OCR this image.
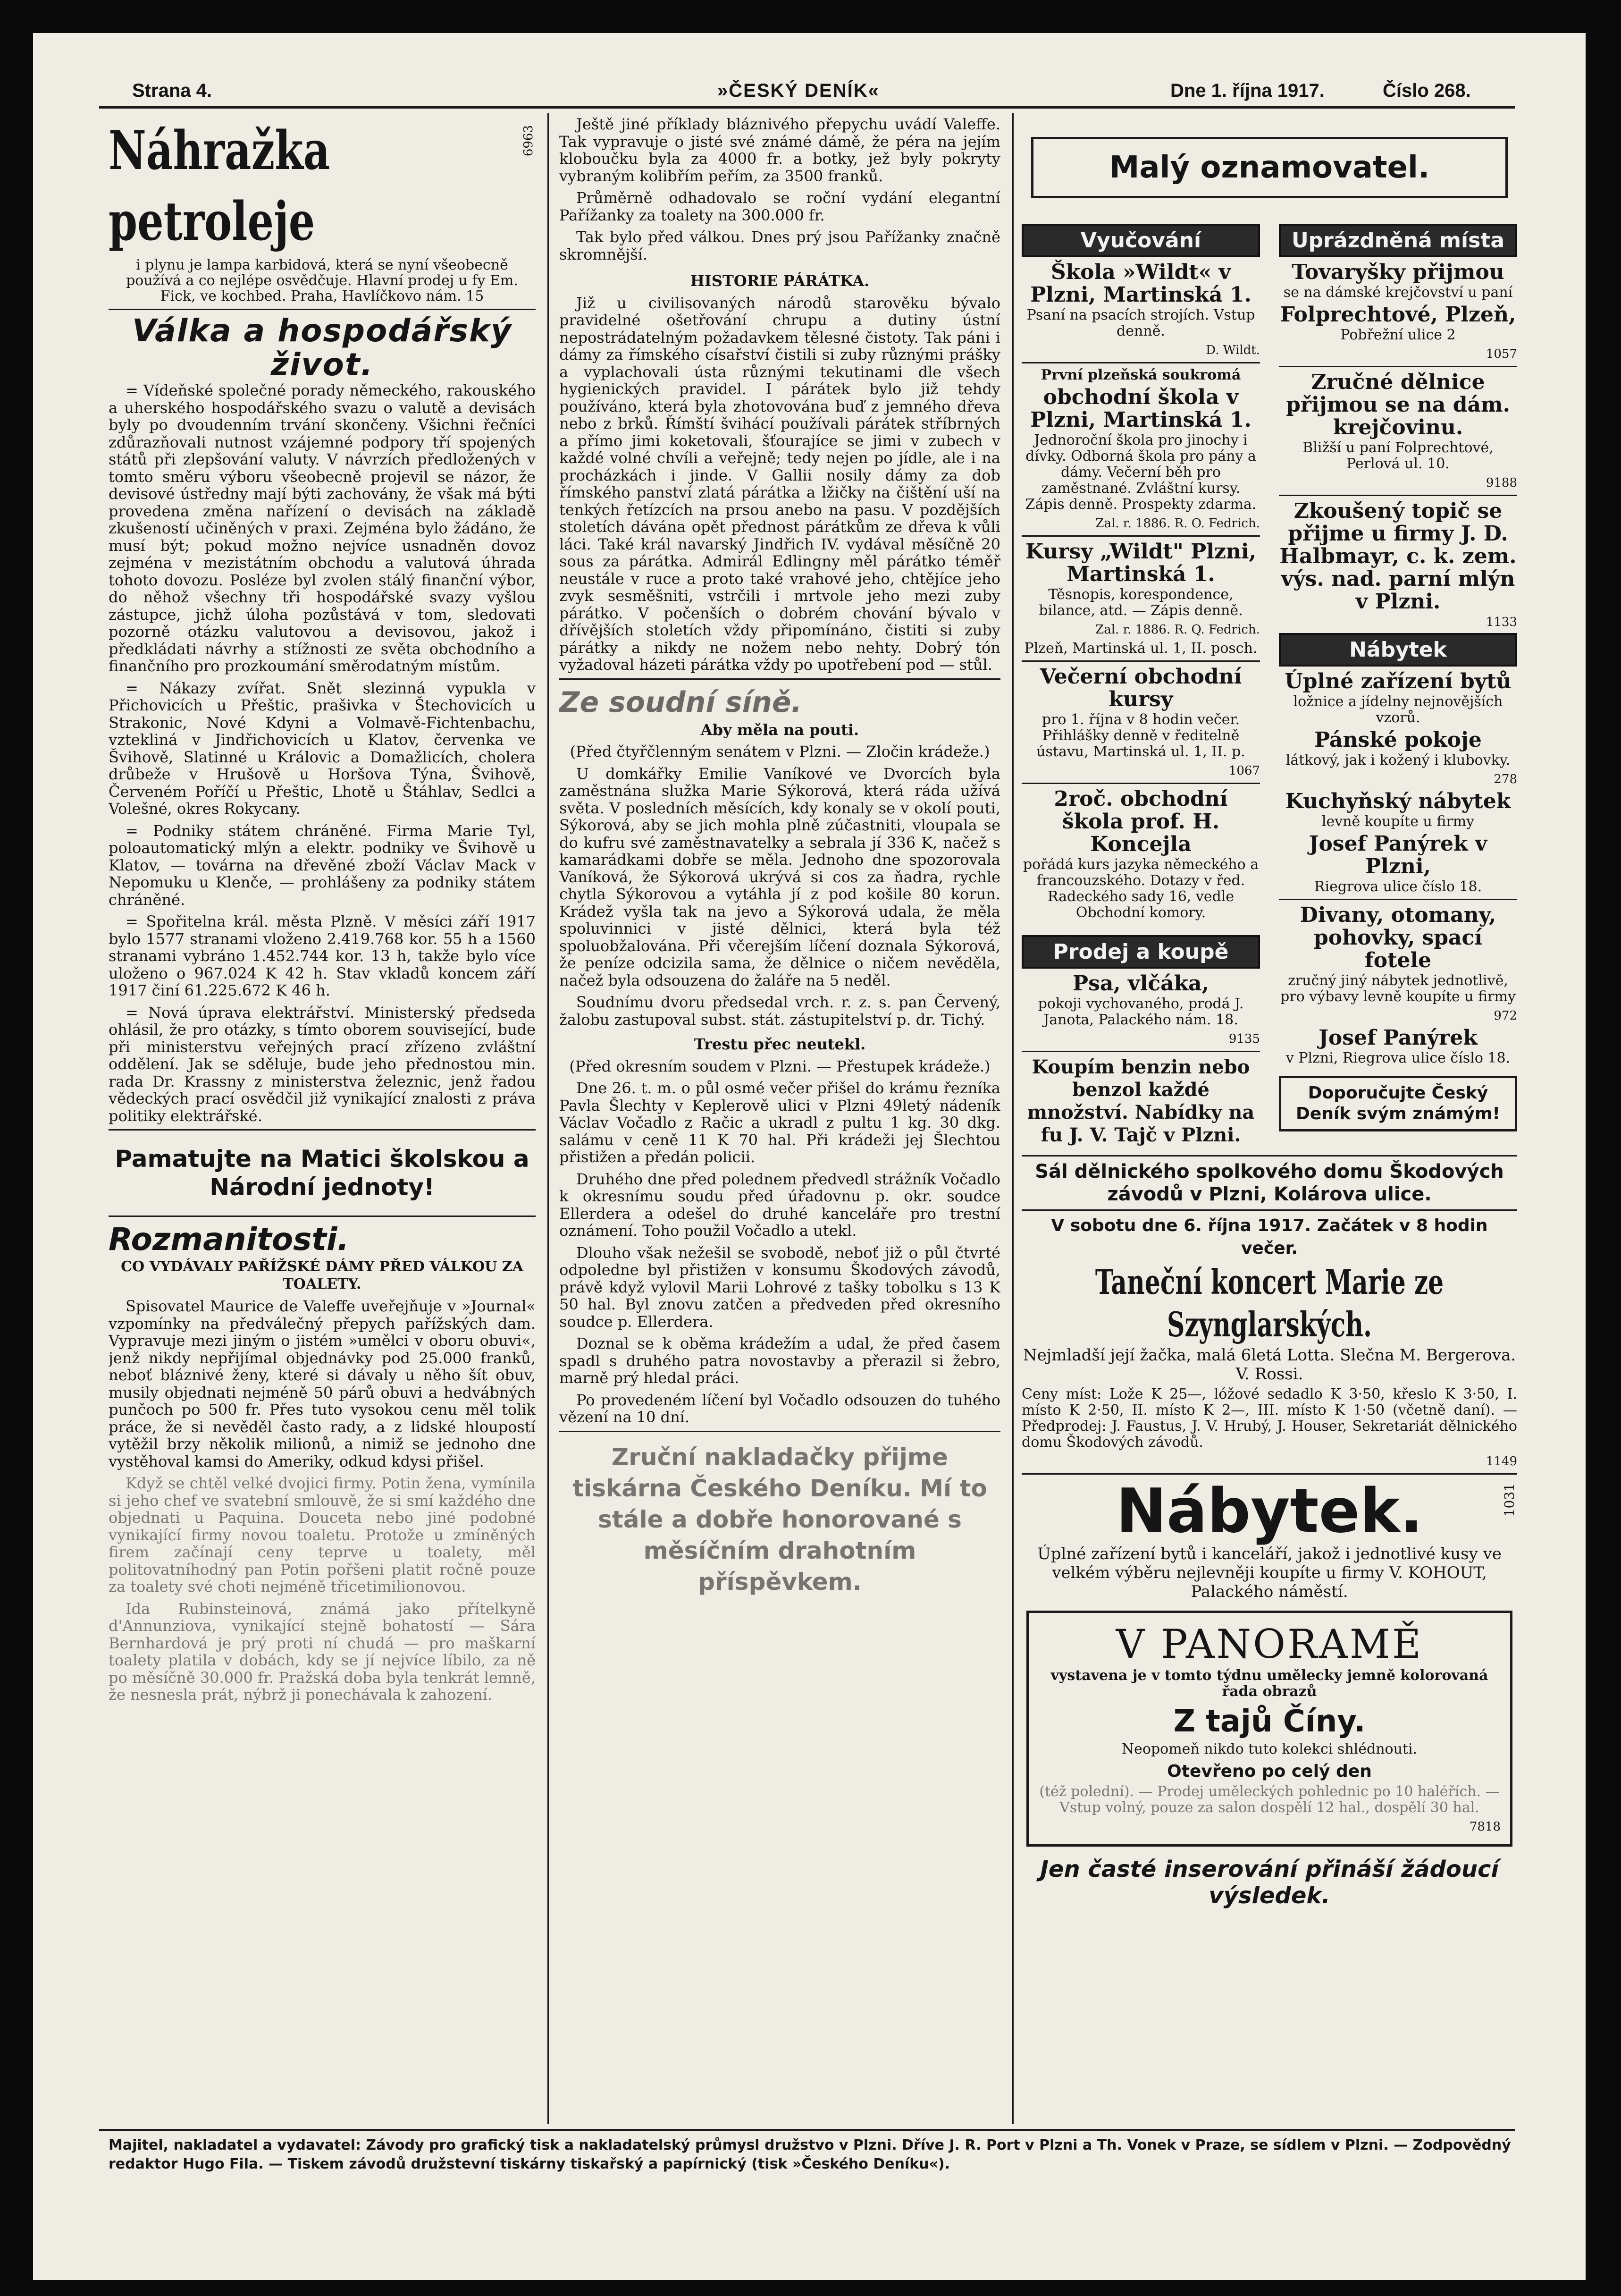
Strana 4.	»ČESKÝ DENÍK«	Dne 1. října 1917.	Číslo 268.
Náhražka petroleje
6963

i plynu je lampa karbidová, která se nyní všeobecně používá a co nejlépe osvědčuje. Hlavní prodej u fy Em. Fick, ve kochbed. Praha, Havlíčkovo nám. 15

Válka a hospodářský život.

= Vídeňské společné porady německého, rakouského a uherského hospodářského svazu o valutě a devisách byly po dvoudenním trvání skončeny. Všichni řečníci zdůrazňovali nutnost vzájemné podpory tří spojených států při zlepšování valuty. V návrzích předložených v tomto směru výboru všeobecně projevil se názor, že devisové ústředny mají býti zachovány, že však má býti provedena změna nařízení o devisách na základě zkušeností učiněných v praxi. Zejména bylo žádáno, že musí být; pokud možno nejvíce usnadněn dovoz zejména v mezistátním obchodu a valutová úhrada tohoto dovozu. Posléze byl zvolen stálý finanční výbor, do něhož všechny tři hospodářské svazy vyšlou zástupce, jichž úloha pozůstává v tom, sledovati pozorně otázku valutovou a devisovou, jakož i předkládati návrhy a stížnosti ze světa obchodního a finančního pro prozkoumání směrodatným místům.

= Nákazy zvířat. Snět slezinná vypukla v Přichovicích u Přeštic, prašivka v Štechovicích u Strakonic, Nové Kdyni a Volmavě-Fichtenbachu, vztekliná v Jindřichovicích u Klatov, červenka ve Švihově, Slatinné u Královic a Domažlicích, cholera drůbeže v Hrušově u Horšova Týna, Švihově, Červeném Poříčí u Přeštic, Lhotě u Štáhlav, Sedlci a Volešné, okres Rokycany.

= Podniky státem chráněné. Firma Marie Tyl, poloautomatický mlýn a elektr. podniky ve Švihově u Klatov, — továrna na dřevěné zboží Václav Mack v Nepomuku u Klenče, — prohlášeny za podniky státem chráněné.

= Spořitelna král. města Plzně. V měsíci září 1917 bylo 1577 stranami vloženo 2.419.768 kor. 55 h a 1560 stranami vybráno 1.452.744 kor. 13 h, takže bylo více uloženo o 967.024 K 42 h. Stav vkladů koncem září 1917 činí 61.225.672 K 46 h.

= Nová úprava elektrářství. Ministerský předseda ohlásil, že pro otázky, s tímto oborem související, bude při ministerstvu veřejných prací zřízeno zvláštní oddělení. Jak se sděluje, bude jeho přednostou min. rada Dr. Krassny z ministerstva železnic, jenž řadou vědeckých prací osvědčil již vynikající znalosti z práva politiky elektrářské.

Pamatujte na Matici školskou a Národní jednoty!
Rozmanitosti.

CO VYDÁVALY PAŘÍŽSKÉ DÁMY PŘED VÁLKOU ZA TOALETY.

Spisovatel Maurice de Valeffe uveřejňuje v »Journal« vzpomínky na předválečný přepych pařížských dam. Vypravuje mezi jiným o jistém »umělci v oboru obuvi«, jenž nikdy nepřijímal objednávky pod 25.000 franků, neboť bláznivé ženy, které si dávaly u něho šít obuv, musily objednati nejméně 50 párů obuvi a hedvábných punčoch po 500 fr. Přes tuto vysokou cenu měl tolik práce, že si nevěděl často rady, a z lidské hloupostí vytěžil brzy několik milionů, a nimiž se jednoho dne vystěhoval kamsi do Ameriky, odkud kdysi přišel.

Když se chtěl velké dvojici firmy. Potin žena, vymínila si jeho chef ve svatební smlouvě, že si smí každého dne objednati u Paquina. Doucetа nebo jiné podobné vynikající firmy novou toaletu. Protože u zmíněných firem začínají ceny teprve u toalety, měl politovatníhodný pan Potin pořšeni platit ročně pouze za toalety své choti nejméně třicetimilionovou.

Ida Rubinsteinová, známá jako přítelkyně d'Annunziova, vynikající stejně bohatostí — Sára Bernhardová je prý proti ní chudá — pro maškarní toalety platila v dobách, kdy se jí nejvíce líbilo, za ně po měsíčně 30.000 fr. Pražská doba byla tenkrát lemně, že nesnesla prát, nýbrž ji ponechávala k zahození.

Ještě jiné příklady bláznivého přepychu uvádí Valeffe. Tak vypravuje o jisté své známé dámě, že péra na jejím kloboučku byla za 4000 fr. a botky, jež byly pokryty vybraným kolibřím peřím, za 3500 franků.

Průměrně odhadovalo se roční vydání elegantní Pařížanky za toalety na 300.000 fr.

Tak bylo před válkou. Dnes prý jsou Pařížanky značně skromnější.

HISTORIE PÁRÁTKA.

Již u civilisovaných národů starověku bývalo pravidelné ošetřování chrupu a dutiny ústní nepostrádatelným požadavkem tělesné čistoty. Tak páni i dámy za římského císařství čistili si zuby různými prášky a vyplachovali ústa různými tekutinami dle všech hygienických pravidel. I párátek bylo již tehdy používáno, která byla zhotovována buď z jemného dřeva nebo z brků. Římští švihácí používali párátek stříbrných a přímo jimi koketovali, šťourajíce se jimi v zubech v každé volné chvíli a veřejně; tedy nejen po jídle, ale i na procházkách i jinde. V Gallii nosily dámy za dob římského panství zlatá párátka a lžičky na čištění uší na tenkých řetízcích na prsou anebo na pasu. V pozdějších stoletích dávána opět přednost párátkům ze dřeva k vůli láci. Také král navarský Jindřich IV. vydával měsíčně 20 sous za párátka. Admirál Edlingny měl párátko téměř neustále v ruce a proto také vrahové jeho, chtějíce jeho zvyk sesměšniti, vstrčili i mrtvole jeho mezi zuby párátko. V počenších o dobrém chování bývalo v dřívějších stoletích vždy připomínáno, čistiti si zuby párátky a nikdy ne nožem nebo nehty. Dobrý tón vyžadoval házeti párátka vždy po upotřebení pod — stůl.

Ze soudní síně.

Aby měla na pouti.

(Před čtyřčlenným senátem v Plzni. — Zločin krádeže.)

U domkářky Emilie Vaníkové ve Dvorcích byla zaměstnána služka Marie Sýkorová, která ráda užívá světa. V posledních měsících, kdy konaly se v okolí pouti, Sýkorová, aby se jich mohla plně zúčastniti, vloupala se do kufru své zaměstnavatelky a sebrala jí 336 K, načež s kamarádkami dobře se měla. Jednoho dne spozorovala Vaníková, že Sýkorová ukrývá si cos za ňadra, rychle chytla Sýkorovou a vytáhla jí z pod košile 80 korun. Krádež vyšla tak na jevo a Sýkorová udala, že měla spoluvinnici v jisté dělnici, která byla též spoluobžalována. Při včerejším líčení doznala Sýkorová, že peníze odcizila sama, že dělnice o ničem nevěděla, načež byla odsouzena do žaláře na 5 neděl.

Soudnímu dvoru předsedal vrch. r. z. s. pan Červený, žalobu zastupoval subst. stát. zástupitelství p. dr. Tichý.

Trestu přec neutekl.

(Před okresním soudem v Plzni. — Přestupek krádeže.)

Dne 26. t. m. o půl osmé večer přišel do krámu řezníka Pavla Šlechty v Keplerově ulici v Plzni 49letý nádeník Václav Vočadlo z Račic a ukradl z pultu 1 kg. 30 dkg. salámu v ceně 11 K 70 hal. Při krádeži jej Šlechtou přistižen a předán policii.

Druhého dne před polednem předvedl strážník Vočadlo k okresnímu soudu před úřadovnu p. okr. soudce Ellerdera a odešel do druhé kanceláře pro trestní oznámení. Toho použil Vočadlo a utekl.

Dlouho však nežešil se svobodě, neboť již o půl čtvrté odpoledne byl přistižen v konsumu Škodových závodů, právě když vylovil Marii Lohrové z tašky tobolku s 13 K 50 hal. Byl znovu zatčen a předveden před okresního soudce p. Ellerdera.

Doznal se k oběma krádežím a udal, že před časem spadl s druhého patra novostavby a přerazil si žebro, marně prý hledal práci.

Po provedeném líčení byl Vočadlo odsouzen do tuhého vězení na 10 dní.

Zruční nakladačky přijme tiskárna Českého Deníku. Mí to stále a dobře honorované s měsíčním drahotním příspěvkem.
Malý oznamovatel.
Vyučování
Škola »Wildt« v Plzni, Martinská 1.

Psaní na psacích strojích. Vstup denně.

D. Wildt.

První plzeňská soukromá

obchodní škola v Plzni, Martinská 1.

Jednoroční škola pro jinochy i dívky. Odborná škola pro pány a dámy. Večerní běh pro zaměstnané. Zvláštní kursy. Zápis denně. Prospekty zdarma.

Zal. r. 1886. R. O. Fedrich.

Kursy „Wildt" Plzni, Martinská 1.

Těsnopis, korespondence, bilance, atd. — Zápis denně.

Zal. r. 1886. R. Q. Fedrich.

Plzeň, Martinská ul. 1, II. posch.

Večerní obchodní kursy

pro 1. října v 8 hodin večer. Přihlášky denně v ředitelně ústavu, Martinská ul. 1, II. p.

1067

2roč. obchodní škola prof. H. Koncejla

pořádá kurs jazyka německého a francouzského. Dotazy v řed. Radeckého sady 16, vedle Obchodní komory.

Prodej a koupě
Psa, vlčáka,

pokoji vychovaného, prodá J. Janota, Palackého nám. 18.

9135

Koupím benzin nebo benzol každé množství. Nabídky na fu J. V. Tajč v Plzni.
Uprázdněná místa
Tovaryšky přijmou

se na dámské krejčovství u paní

Folprechtové, Plzeň,

Pobřežní ulice 2

1057

Zručné dělnice přijmou se na dám. krejčovinu.

Bližší u paní Folprechtové, Perlová ul. 10.

9188

Zkoušený topič se přijme u firmy J. D. Halbmayr, c. k. zem. výs. nad. parní mlýn v Plzni.

1133

Nábytek
Úplné zařízení bytů

ložnice a jídelny nejnovějších vzorů.

Pánské pokoje

látkový, jak i kožený i klubovky.

278

Kuchyňský nábytek

levně koupíte u firmy

Josef Panýrek v Plzni,

Riegrova ulice číslo 18.

Divany, otomany, pohovky, spací fotele

zručný jiný nábytek jednotlivě, pro výbavy levně koupíte u firmy

972

Josef Panýrek

v Plzni, Riegrova ulice číslo 18.

Doporučujte Český Deník svým známým!
Sál dělnického spolkového domu Škodových závodů v Plzni, Kolárova ulice.
V sobotu dne 6. října 1917. Začátek v 8 hodin večer.
Taneční koncert Marie ze Szynglarských.

Nejmladší její žačka, malá 6letá Lotta. Slečna M. Bergerova. V. Rossi.

Ceny míst: Lože K 25—, lóžové sedadlo K 3·50, křeslo K 3·50, I. místo K 2·50, II. místo K 2—, III. místo K 1·50 (včetně daní). — Předprodej: J. Faustus, J. V. Hrubý, J. Houser, Sekretariát dělnického domu Škodových závodů.

1149

Nábytek.	1031

Úplné zařízení bytů i kanceláří, jakož i jednotlivé kusy ve velkém výběru nejlevněji koupíte u firmy V. KOHOUT, Palackého náměstí.

V PANORAMĚ

vystavena je v tomto týdnu umělecky jemně kolorovaná řada obrazů

Z tajů Číny.

Neopomeň nikdo tuto kolekci shlédnouti.

Otevřeno po celý den

(též polední). — Prodej uměleckých pohlednic po 10 haléřích. — Vstup volný, pouze za salon dospělí 12 hal., dospělí 30 hal.

7818

Jen časté inserování přináší žádoucí výsledek.
Majitel, nakladatel a vydavatel: Závody pro grafický tisk a nakladatelský průmysl družstvo v Plzni. Dříve J. R. Port v Plzni a Th. Vonek v Praze, se sídlem v Plzni. — Zodpovědný redaktor Hugo Fila. — Tiskem závodů družstevní tiskárny tiskařský a papírnický (tisk »Českého Deníku«).
